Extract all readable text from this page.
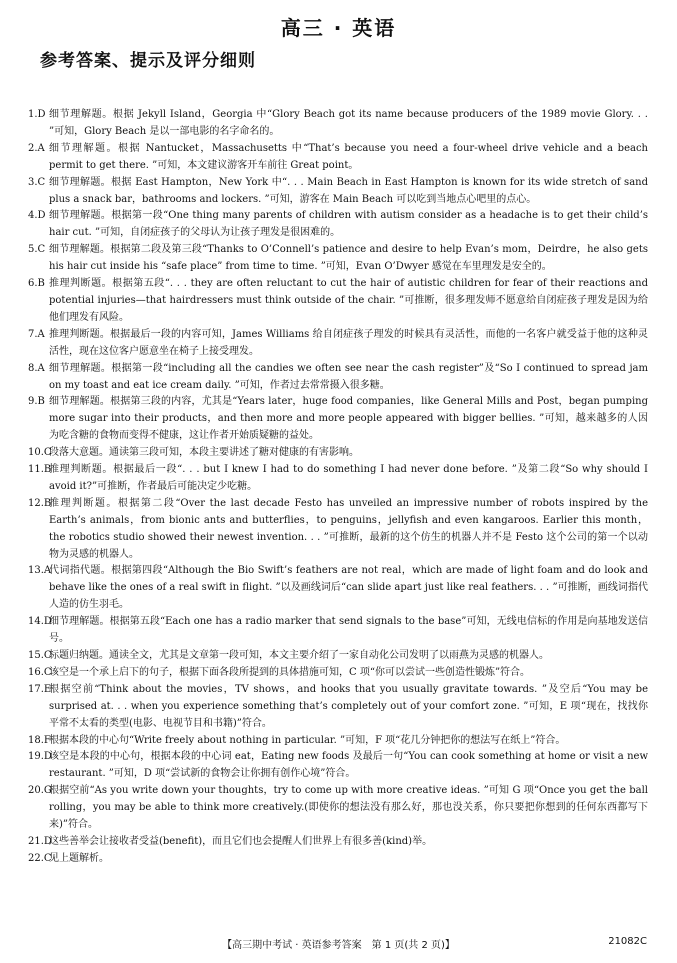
高三 · 英语
参考答案、提示及评分细则
1.D 细节理解题。根据 Jekyll Island，Georgia 中“Glory Beach got its name because producers of the 1989 movie Glory. . . ”可知，Glory Beach 是以一部电影的名字命名的。
2.A 细节理解题。根据 Nantucket，Massachusetts 中“That’s because you need a four-wheel drive vehicle and a beach permit to get there. ”可知，本文建议游客开车前往 Great point。
3.C 细节理解题。根据 East Hampton，New York 中“. . . Main Beach in East Hampton is known for its wide stretch of sand plus a snack bar，bathrooms and lockers. ”可知，游客在 Main Beach 可以吃到当地点心吧里的点心。
4.D 细节理解题。根据第一段“One thing many parents of children with autism consider as a headache is to get their child’s hair cut. ”可知，自闭症孩子的父母认为让孩子理发是很困难的。
5.C 细节理解题。根据第二段及第三段“Thanks to O’Connell’s patience and desire to help Evan’s mom，Deirdre，he also gets his hair cut inside his “safe place” from time to time. ”可知，Evan O’Dwyer 感觉在车里理发是安全的。
6.B 推理判断题。根据第五段“. . . they are often reluctant to cut the hair of autistic children for fear of their reactions and potential injuries—that hairdressers must think outside of the chair. ”可推断，很多理发师不愿意给自闭症孩子理发是因为给他们理发有风险。
7.A 推理判断题。根据最后一段的内容可知，James Williams 给自闭症孩子理发的时候具有灵活性，而他的一名客户就受益于他的这种灵活性，现在这位客户愿意坐在椅子上接受理发。
8.A 细节理解题。根据第一段“including all the candies we often see near the cash register”及“So I continued to spread jam on my toast and eat ice cream daily. ”可知，作者过去常常摄入很多糖。
9.B 细节理解题。根据第三段的内容，尤其是“Years later，huge food companies，like General Mills and Post，began pumping more sugar into their products，and then more and more people appeared with bigger bellies. ”可知，越来越多的人因为吃含糖的食物而变得不健康，这让作者开始质疑糖的益处。
10.C
段落大意题。通读第三段可知，本段主要讲述了糖对健康的有害影响。
11.B
推理判断题。根据最后一段“. . . but I knew I had to do something I had never done before. ”及第二段“So why should I avoid it?”可推断，作者最后可能决定少吃糖。
12.B
推理判断题。根据第二段“Over the last decade Festo has unveiled an impressive number of robots inspired by the Earth’s animals，from bionic ants and butterflies，to penguins，jellyfish and even kangaroos. Earlier this month，the robotics studio showed their newest invention. . . ”可推断，最新的这个仿生的机器人并不是 Festo 这个公司的第一个以动物为灵感的机器人。
13.A
代词指代题。根据第四段“Although the Bio Swift’s feathers are not real，which are made of light foam and do look and behave like the ones of a real swift in flight. ”以及画线词后“can slide apart just like real feathers. . . ”可推断，画线词指代人造的仿生羽毛。
14.D
细节理解题。根据第五段“Each one has a radio marker that send signals to the base”可知，无线电信标的作用是向基地发送信号。
15.C
标题归纳题。通读全文，尤其是文章第一段可知，本文主要介绍了一家自动化公司发明了以雨燕为灵感的机器人。
16.C
该空是一个承上启下的句子，根据下面各段所提到的具体措施可知，C 项“你可以尝试一些创造性锻炼”符合。
17.E
根据空前“Think about the movies，TV shows，and hooks that you usually gravitate towards. ”及空后“You may be surprised at. . . when you experience something that’s completely out of your comfort zone. ”可知，E 项“现在，找找你平常不太看的类型(电影、电视节目和书籍)”符合。
18.F
根据本段的中心句“Write freely about nothing in particular. ”可知，F 项“花几分钟把你的想法写在纸上”符合。
19.D
该空是本段的中心句，根据本段的中心词 eat，Eating new foods 及最后一句“You can cook something at home or visit a new restaurant. ”可知，D 项“尝试新的食物会让你拥有创作心境”符合。
20.G
根据空前“As you write down your thoughts，try to come up with more creative ideas. ”可知 G 项“Once you get the ball rolling，you may be able to think more creatively.(即使你的想法没有那么好，那也没关系，你只要把你想到的任何东西都写下来)”符合。
21.D
这些善举会让接收者受益(benefit)，而且它们也会提醒人们世界上有很多善(kind)举。
22.C
见上题解析。
【高三期中考试 · 英语参考答案　第 1 页(共 2 页)】	21082C
